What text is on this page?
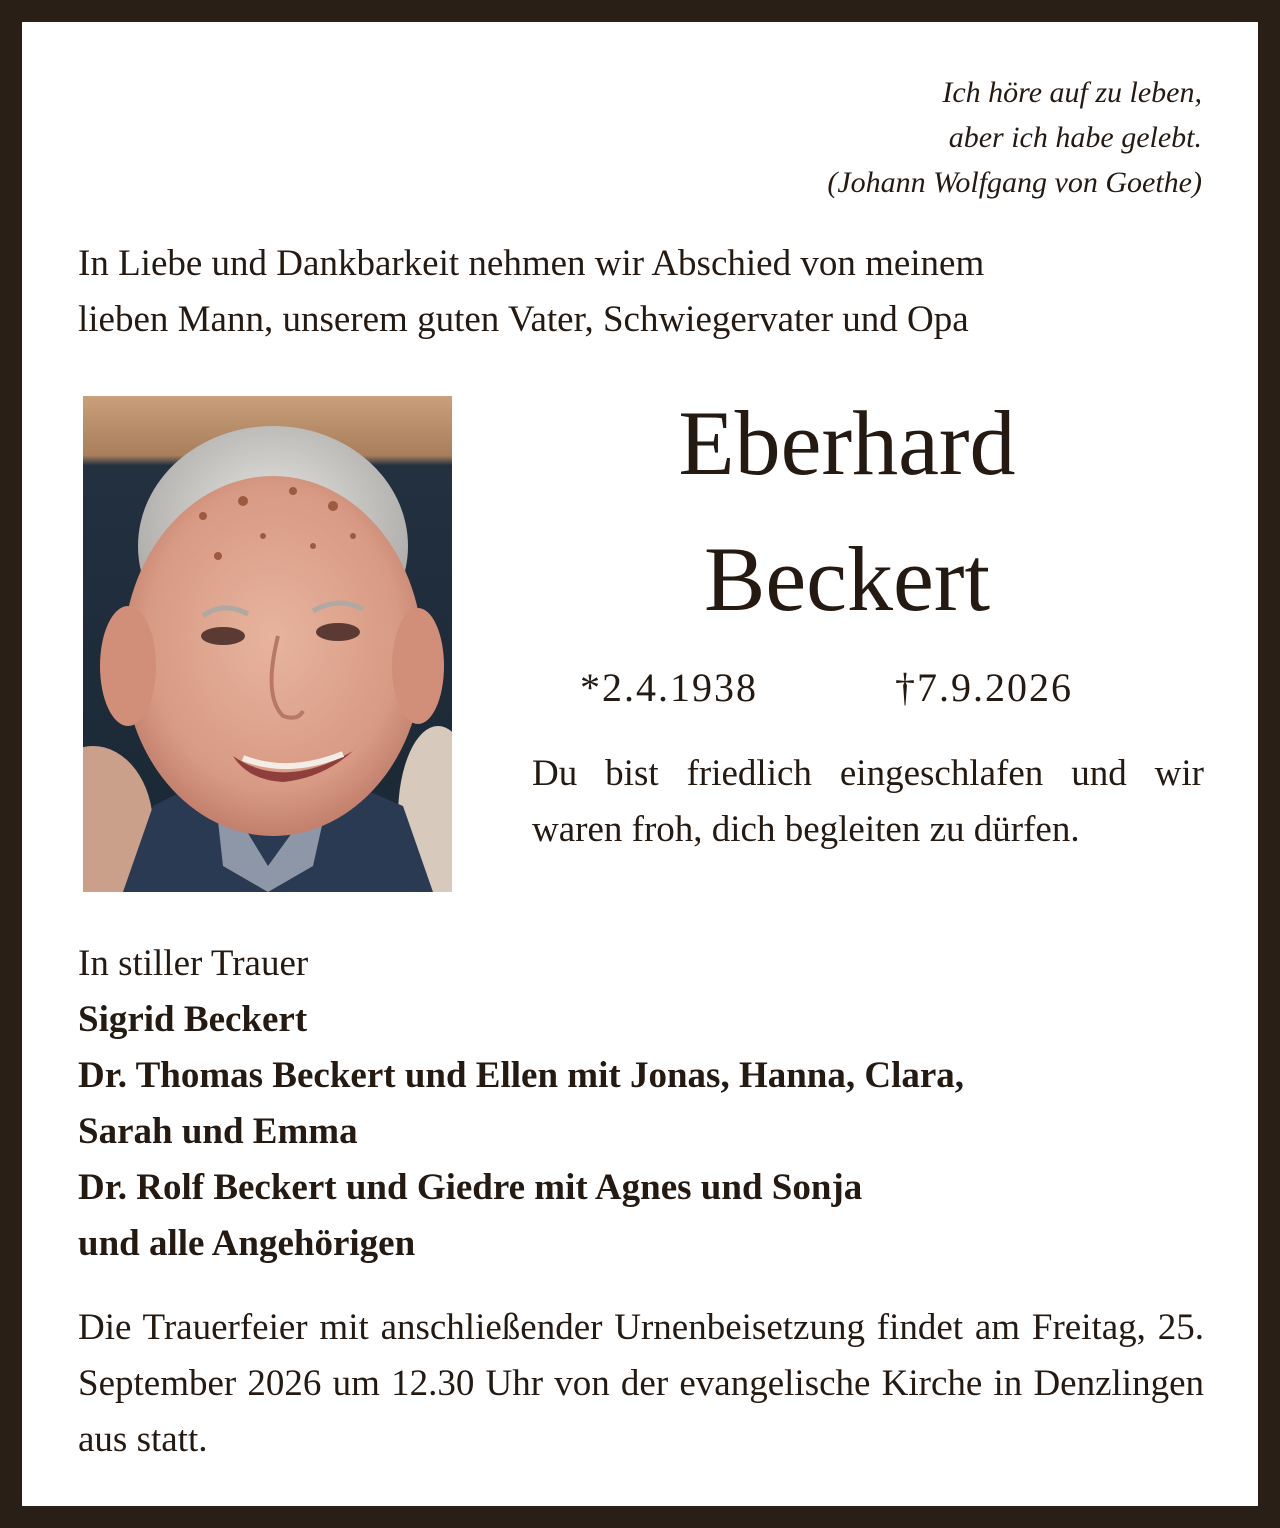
Ich höre auf zu leben,
aber ich habe gelebt.
(Johann Wolfgang von Goethe)
In Liebe und Dankbarkeit nehmen wir Abschied von meinem
lieben Mann, unserem guten Vater, Schwiegervater und Opa
Eberhard
Beckert
*2.4.1938	†7.9.2026
Du bist friedlich eingeschlafen und wir waren froh, dich begleiten zu dürfen.
In stiller Trauer
Sigrid Beckert
Dr. Thomas Beckert und Ellen mit Jonas, Hanna, Clara,
Sarah und Emma
Dr. Rolf Beckert und Giedre mit Agnes und Sonja
und alle Angehörigen
Die Trauerfeier mit anschließender Urnenbeisetzung findet am Freitag, 25. September 2026 um 12.30 Uhr von der evangelische Kirche in Denzlingen aus statt.
